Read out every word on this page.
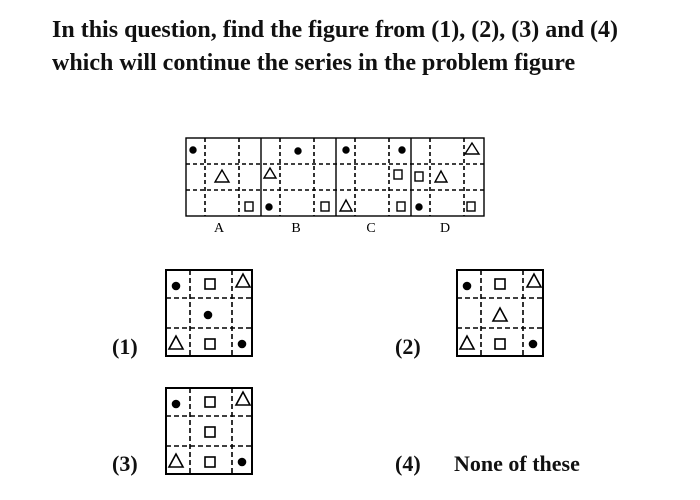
In this question, find the figure from (1), (2), (3) and (4) which will continue the series in the problem figure
A	B	C	D
(1)	(2)
(3)	(4) None of these
